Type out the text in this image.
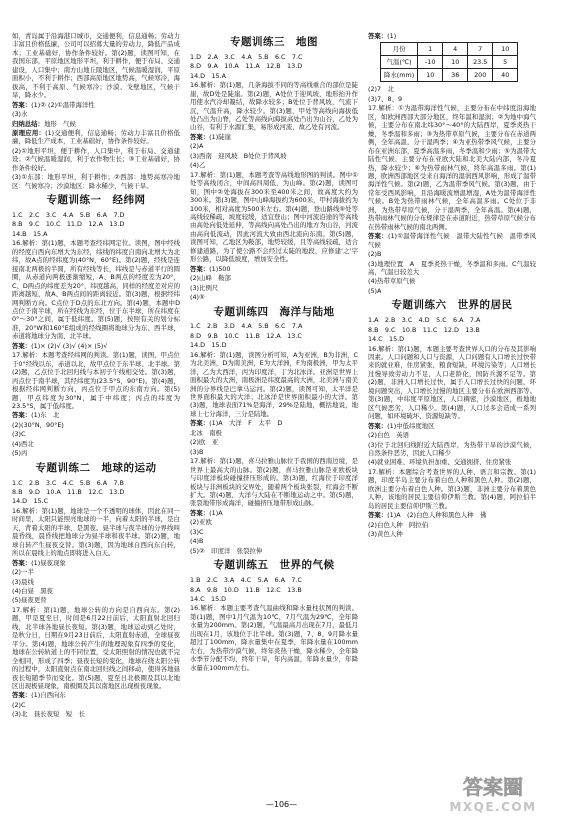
如，青岛属于沿海港口城市，交通便利，信息通畅；劳动力丰富且价格低廉，公司可以招募大量的劳动力，降低产品成本；工业基础好，协作条件较好。第(2)题，读图可知，在我国东部，平原地区地形平坦，利于耕作，便于布局、交通建设，人口集中；南方山地丘陵地区，气候温暖湿润，平原面积小，不利于耕作；西部高原地区地势高，气候寒冷，海拔高，不利于高原、气候寒冷；沙漠、戈壁地区，气候干旱，降水少。

答案：(1)② (2)①温带海洋性

(3)水

归纳总结：地形　气候

原理应用：(1)交通便利，信息通畅；劳动力丰富且价格低廉，降低生产成本，工业基础好，协作条件较好。

(2)①地形平坦，便于耕作，人口集中，利于布局、交通建设；②气候温暖湿润，利于农作物生长；③工业基础好，协作条件较好。

(3)①东部：地形平坦，利于耕作；②西部：地势高寒冷地区：气候寒冷；沙漠地区：降水稀少，气候干旱。

专题训练一　经纬网

1.C　2.C　3.C　4.A　5.B　6.A　7.D

8.B　9.C　10.C　11.D　12.A　13.D

14.B　15.A

16.解析：第(1)题，本题考查经纬网定位。读图，图中经线的经度自西向东增大为东经，纬线的纬度自南向北增大为北纬，故A点的经纬度为(40°N，60°E)。第(2)题，经线是连接南北两极的半圆，所有经线等长，纬线是与赤道平行的圆圈，从赤道向两极逐渐缩短，A、B两点的经度差为20°，C、D两点的纬度差为20°，纬度越高，同样的经度差对应的距离越短，故A、B两点间的距离较近。第(3)题，根据经纬网判断方向。C点位于D点的东北方向。第(4)题，本题中D点位于南半球，所在经线为东经，位于东半球，所在纬度在0°～30°之间，属于低纬度。第(5)题，按照有关的划分标准，20°W和160°E组成的经线圈将地球分为东、西半球，赤道将地球分为南、北半球。

答案：(1)× (2)√ (3)√ (4)× (5)√

17.解析：本题考查经纬网的判读。第(1)题，读图，甲点位于0°经线以东，赤道以北，故甲点位于东半球、北半球。第(2)题，乙点位于北回归线与本初子午线相交处。第(3)题，丙点位于南半球，其经纬度为(23.5°S，90°E)。第(4)题，根据经纬网判断方向，丙点位于甲点的东南方向。第(5)题，甲点纬度为30°N，属于中纬度；丙点的纬度为23.5°S，属于低纬度。

答案：(1)东　北

(2)(30°N，90°E)

(3)C

(4)西北

(5)丙

专题训练二　地球的运动

1.C　2.B　3.C　4.C　5.B　6.A　7.B

8.B　9.D　10.A　11.B　12.C　13.D

14.D　15.C

16.解析：第(1)题，地球是一个不透明的球体，因此在同一时间里，太阳只能照亮地球的一半，向着太阳的半球，是白天，背着太阳的半球，是黑夜。昼半球与夜半球的分界线叫晨昏线，晨昏线把地球分为昼半球和夜半球。第(2)题，地球自转产生昼夜交替。第(3)题，因为地球自西向东自转，所以在晨线上的地点即将进入白天。

答案：(1)昼夜现象

(2)一半

(3)晨线

(4)白昼　黑夜

(5)昼夜更替

17.解析：第(1)题，地球公转的方向是自西向东。第(2)题，甲是夏至日，时间是6月22日前后，太阳直射北回归线，北半球各地昼长夜短。第(3)题，地球运动到乙处时，是秋分日，日期在9月23日前后，太阳直射赤道，全球昼夜平分。第(4)题，地球公转产生的地理现象有四季的变化，地球在公转轨道上的不同位置，受太阳照射的情况也就不完全相同，形成了四季；昼夜长短的变化，地球在绕太阳公转的过程中，太阳直射点在南北回归线之间移动，使得各地昼夜长短随季节而变化。第(5)题，夏至日北极圈及其以北地区出现极昼现象，南极圈及其以南地区出现极夜现象。

答案：(1)自西向东

(2)C

(3)北　昼长夜短　短　长

专题训练三　地图

1.D　2.A　3.C　4.A　5.B　6.C　7.C

8.D　9.A　10.A　11.A　12.B　13.D

14.D　15.A

16.解析：第(1)题，几条海拔不同的等高线重合的部位是陡崖，故D处是陡崖。第(2)题，A处位于迎风坡，地形抬升作用使水汽冷却凝结，故降水较多；B处位于背风坡，气流下沉，气温升高，降水较少。第(3)题，甲处等高线向海拔低处凸出为山脊，乙处等高线向海拔高处凸出为山谷，乙处为山谷，有利于水源汇集，易形成河流，故乙处有河流。

答案：(1)陡崖

(2)A

(3)西南　迎风坡　B处位于背风坡

(4)乙

17.解析：第(1)题，本题考查等高线地形图的判读。图中①处等高线闭合，中间高四周低，为山峰。第(2)题，读图可知，图中②处海拔在300米至400米之间，故高度大约为300米。第(3)题，图中山峰海拔约为600米，甲村海拔约为100米，相对高度为500米左右。第(4)题，登山路线⑤处等高线较稀疏，坡度较缓，适宜登山；图中河流沿途的等高线由高处向低处延伸，等高线向高处凸出的地方为山谷，河流由高向低流动，因此河流大致由西北流向东南。第(5)题，读图可知，乙地区为鞍部，地势较缓，且等高线较疏，适合修建道路，为了使公路不会经过太陡的地段，应修建'之'字形公路，以降低坡度，增加安全性。

答案：(1)500

(2)山峰　鞍部

(3)比例尺

(4)⑤

专题训练四　海洋与陆地

1.C　2.B　3.D　4.A　5.B　6.C　7.A

8.D　9.B　10.C　11.B　12.A　13.C

14.D　15.D

16.解析：第(1)题，读图分析可知，A为亚洲，B为非洲，C为北美洲，D为南美洲，E为大洋洲，F为南极洲，甲为太平洋，乙为大西洋，丙为印度洋，丁为北冰洋。亚洲是世界上面积最大的大洲，南极洲是纬度最高的大洲，北美洲与南美洲的分界线是巴拿马运河。第(2)题，读图可知，太平洋是世界面积最大的大洋；北冰洋是世界面积最小的大洋。第(3)题，地球表面71%是海洋，29%是陆地，概括地说，地球上七分海洋，三分是陆地。

答案：(1)A　大洋　F　太平　D

北冰　南极

(2)欧　亚

(3)B

17.解析：第(1)题，喜马拉雅山脉位于我国的西南边境，是世界上最高大的山脉。第(2)题，喜马拉雅山脉是亚欧板块与印度洋板块碰撞挤压形成的。第(3)题，红海位于印度洋板块与非洲板块的交界处，随着两个板块张裂，红海会不断扩大。第(4)题，大洋与大陆在不断地运动之中。第(5)题，张裂地带形成海洋，碰撞挤压地带形成山脉。

答案：(1)A

(2)亚欧

(3)C

(4)B

(5)②　印度洋　张裂拉伸

专题训练五　世界的气候

1.B　2.C　3.A　4.C　5.A　6.A　7.C

8.A　9.B　10.D　11.B　12.C　13.B

14.C　15.D

16.解析：本题主要考查气温曲线和降水量柱状图的判读。第(1)题，图中1月气温为10℃，7月气温为29℃，全年降水量为200mm。第(2)题，气温最高月出现在7月，最低月出现在1月，该地位于北半球。第(3)题，7、8、9月降水量超过了100mm，降水量集中在夏季，年降水量在100mm左右，为热带沙漠气候，终年炎热干燥，降水稀少，全年降水季节分配不均，终年干旱，年内高温，年降水量少，年降水量在100mm左右。

答案：(1)

月份	1	4	7	10
气温(℃)	-10	10	23.5	5
降水(mm)	10	36	200	40

(2)7　北

(3)7、8、9

17.解析：①为温带海洋性气候，主要分布在中纬度沿海地区，如欧洲西部大部分地区，终年温和湿润；②为地中海气候，主要分布在南北纬30°～40°的大陆西岸，夏季炎热干燥，冬季温和多雨；③为热带草原气候，主要分布在赤道两侧，全年高温，分干湿两季；④为亚热带季风气候，主要分布在亚洲东部，夏季高温多雨，冬季温和少雨；⑤为温带大陆性气候，主要分布在亚欧大陆和北美大陆内部，冬冷夏热，降水较少；⑥为热带雨林气候，终年高温多雨。第(1)题，欧洲西部地区受来自海洋的湿润西风影响，形成了温带海洋性气候。第(2)题，乙为温带季风气候。第(3)题，由于常年受西风影响，且沿海暖流增温增湿，A处为温带海洋性气候。B处为热带雨林气候，全年高温多雨。C处位于非洲，为热带草原气候，分干湿两季，全年高温。第(4)题，热带雨林气候的分布规律是在赤道附近，热带草原气候分布在热带雨林气候的南北两侧。

答案：(1)①温带海洋性气候　温带大陆性气候　温带季风气候

(2)B

(3)地理位置　A　夏季炎热干燥，冬季温和多雨。C气温较高，气温日较差大

(4)热带草原气候

(5)A

专题训练六　世界的居民

1.A　2.B　3.C　4.D　5.C　6.A　7.A

8.B　9.C　10.B　11.C　12.D　13.B

14.C　15.D

16.解析：第(1)题，本题主要考查世界人口的分布及其影响因素。人口问题和人口与资源，人口问题有人口增长过快带来的就业难，住房紧张，粮食短缺，环境污染等；人口增长过慢导致劳动力不足，人口老龄化，国防兵源不足等。第(2)题，非洲人口增长过快，属于人口增长过快的问题，环境问题突出，人口增长过慢的地区主要分布在欧洲西部等。第(3)题，中纬度平原地区，人口稠密，沙漠地区，极地地区气候恶劣，人口稀少。第(4)题，人口过多会造成一系列问题，如环境破坏、资源短缺等。

答案：(1)中低纬度地区

(2)白色　英语

(3)位于北回归线附近大陆西岸，为热带干旱的沙漠气候，自然条件恶劣，因此人口稀少

(4)就业困难、环境负担加重、交通拥挤、住房紧张

17.解析：本题综合考查世界的人种、语言和宗教。第(1)题，印度半岛主要分布着白色人种和黑色人种。第(2)题，欧洲主要分布着白色人种。第(3)题，非洲主要分布着黑色人种，该地的居民主要信仰伊斯兰教。第(4)题，阿拉伯半岛的居民主要信仰伊斯兰教。

答案：(1)A　(2)白色人种和黑色人种　佛

(2)白色人种　阿拉伯

(3)黄色人种

—106—
答案圈
MXQE.COM
